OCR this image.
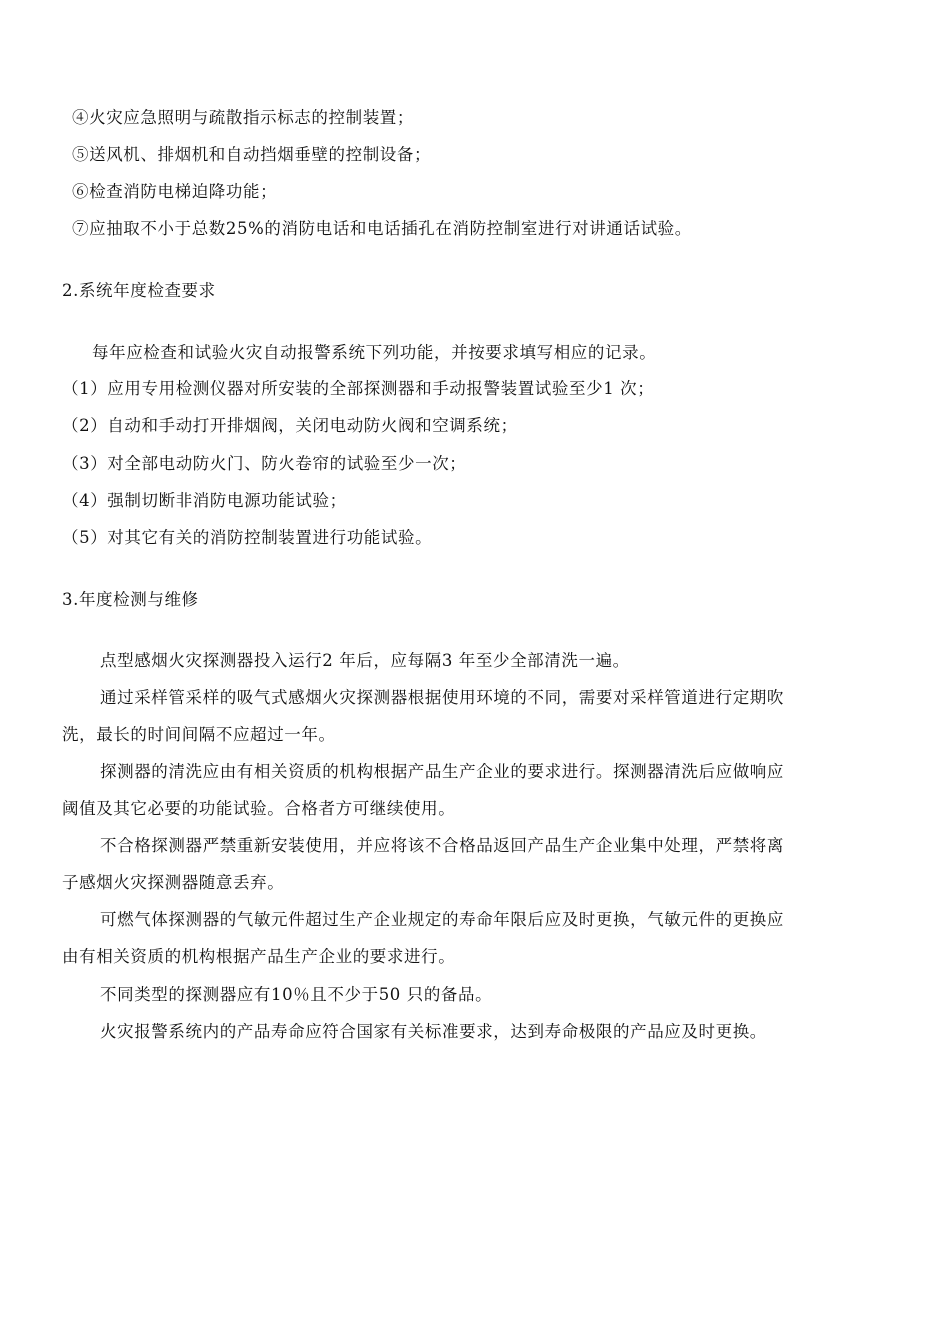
④火灾应急照明与疏散指示标志的控制装置；
⑤送风机、排烟机和自动挡烟垂壁的控制设备；
⑥检查消防电梯迫降功能；
⑦应抽取不小于总数25%的消防电话和电话插孔在消防控制室进行对讲通话试验。
2.系统年度检查要求
每年应检查和试验火灾自动报警系统下列功能，并按要求填写相应的记录。
（1）应用专用检测仪器对所安装的全部探测器和手动报警装置试验至少1 次；
（2）自动和手动打开排烟阀，关闭电动防火阀和空调系统；
（3）对全部电动防火门、防火卷帘的试验至少一次；
（4）强制切断非消防电源功能试验；
（5）对其它有关的消防控制装置进行功能试验。
3.年度检测与维修
点型感烟火灾探测器投入运行2 年后，应每隔3 年至少全部清洗一遍。
通过采样管采样的吸气式感烟火灾探测器根据使用环境的不同，需要对采样管道进行定期吹
洗，最长的时间间隔不应超过一年。
探测器的清洗应由有相关资质的机构根据产品生产企业的要求进行。探测器清洗后应做响应
阈值及其它必要的功能试验。合格者方可继续使用。
不合格探测器严禁重新安装使用，并应将该不合格品返回产品生产企业集中处理，严禁将离
子感烟火灾探测器随意丢弃。
可燃气体探测器的气敏元件超过生产企业规定的寿命年限后应及时更换，气敏元件的更换应
由有相关资质的机构根据产品生产企业的要求进行。
不同类型的探测器应有10％且不少于50 只的备品。
火灾报警系统内的产品寿命应符合国家有关标准要求，达到寿命极限的产品应及时更换。
